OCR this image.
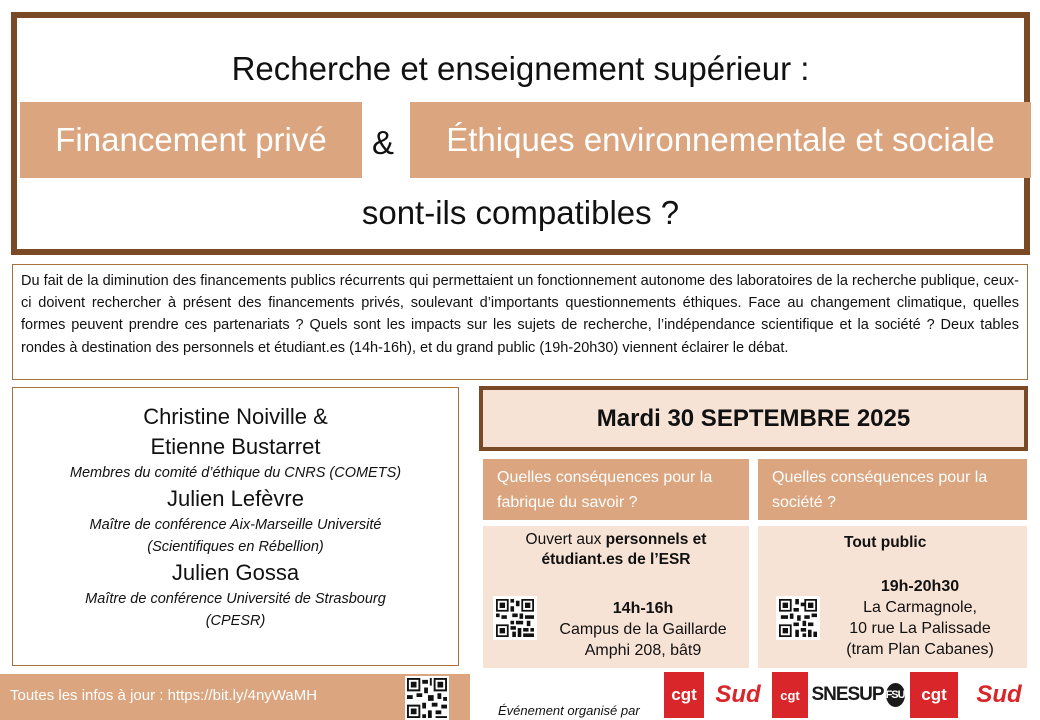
Recherche et enseignement supérieur :
Financement privé	&	Éthiques environnementale et sociale
sont-ils compatibles ?
Du fait de la diminution des financements publics récurrents qui permettaient un fonctionnement autonome des laboratoires de la recherche publique, ceux-ci doivent rechercher à présent des financements privés, soulevant d’importants questionnements éthiques. Face au changement climatique, quelles formes peuvent prendre ces partenariats ? Quels sont les impacts sur les sujets de recherche, l’indépendance scientifique et la société ? Deux tables rondes à destination des personnels et étudiant.es (14h-16h), et du grand public (19h-20h30) viennent éclairer le débat.
Christine Noiville &
Etienne Bustarret
Membres du comité d’éthique du CNRS (COMETS)
Julien Lefèvre
Maître de conférence Aix-Marseille Université
(Scientifiques en Rébellion)
Julien Gossa
Maître de conférence Université de Strasbourg
(CPESR)
Mardi 30 SEPTEMBRE 2025
Quelles conséquences pour la fabrique du savoir ?
Quelles conséquences pour la société ?
Ouvert aux personnels et étudiant.es de l’ESR
14h-16h
Campus de la Gaillarde
Amphi 208, bât9
Tout public
19h-20h30
La Carmagnole,
10 rue La Palissade
(tram Plan Cabanes)
Toutes les infos à jour : https://bit.ly/4nyWaMH
Événement organisé par
cgt Sud	cgt SNESUP FSU cgt	Sud
